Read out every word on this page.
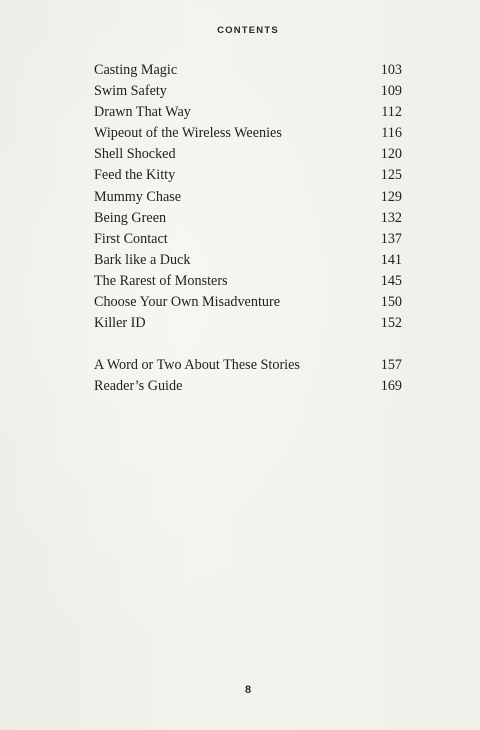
CONTENTS
Casting Magic	103
Swim Safety	109
Drawn That Way	112
Wipeout of the Wireless Weenies	116
Shell Shocked	120
Feed the Kitty	125
Mummy Chase	129
Being Green	132
First Contact	137
Bark like a Duck	141
The Rarest of Monsters	145
Choose Your Own Misadventure	150
Killer ID	152
A Word or Two About These Stories	157
Reader’s Guide	169
8
